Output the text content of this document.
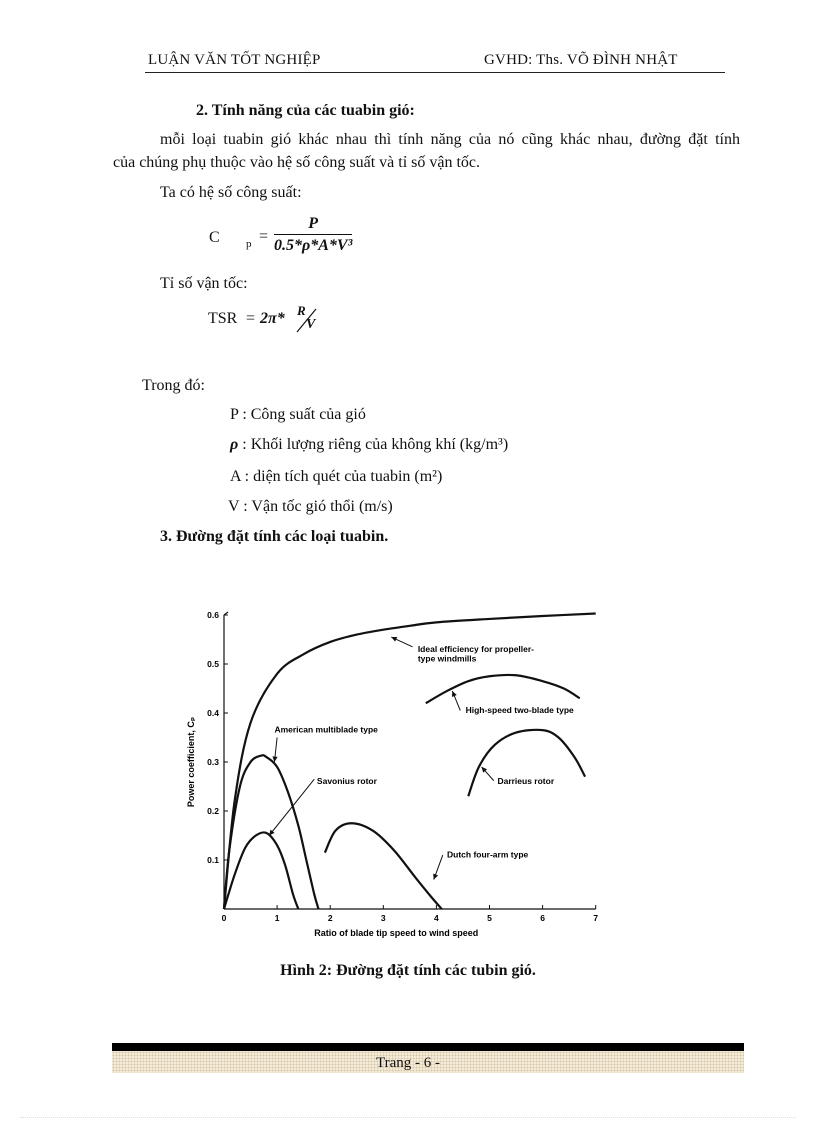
LUẬN VĂN TỐT NGHIỆP	GVHD: Ths. VÕ ĐÌNH NHẬT
2. Tính năng của các tuabin gió:
mỗi loại tuabin gió khác nhau thì tính năng của nó cũng khác nhau, đường đặt tính
của chúng phụ thuộc vào hệ số công suất và tỉ số vận tốc.
Ta có hệ số công suất:
C $p = \frac{P}{\text{0.5*ρ*A*V³}}$
Tỉ số vận tốc:
TSR = 2π* R
V
Trong đó:
P : Công suất của gió
ρ : Khối lượng riêng của không khí (kg/m³)
A : diện tích quét của tuabin (m²)
V : Vận tốc gió thổi (m/s)
3. Đường đặt tính các loại tuabin.
0	1	2	3	4	5	6	7
0.1
0.2
0.3
0.4
0.5
0.6
Ratio of blade tip speed to wind speed
Power coefficient, Cₚ
Ideal efficiency for propeller-
type windmills
High-speed two-blade type
American multiblade type
Savonius rotor	Darrieus rotor
Dutch four-arm type
Hình 2: Đường đặt tính các tubin gió.
Trang - 6 -
